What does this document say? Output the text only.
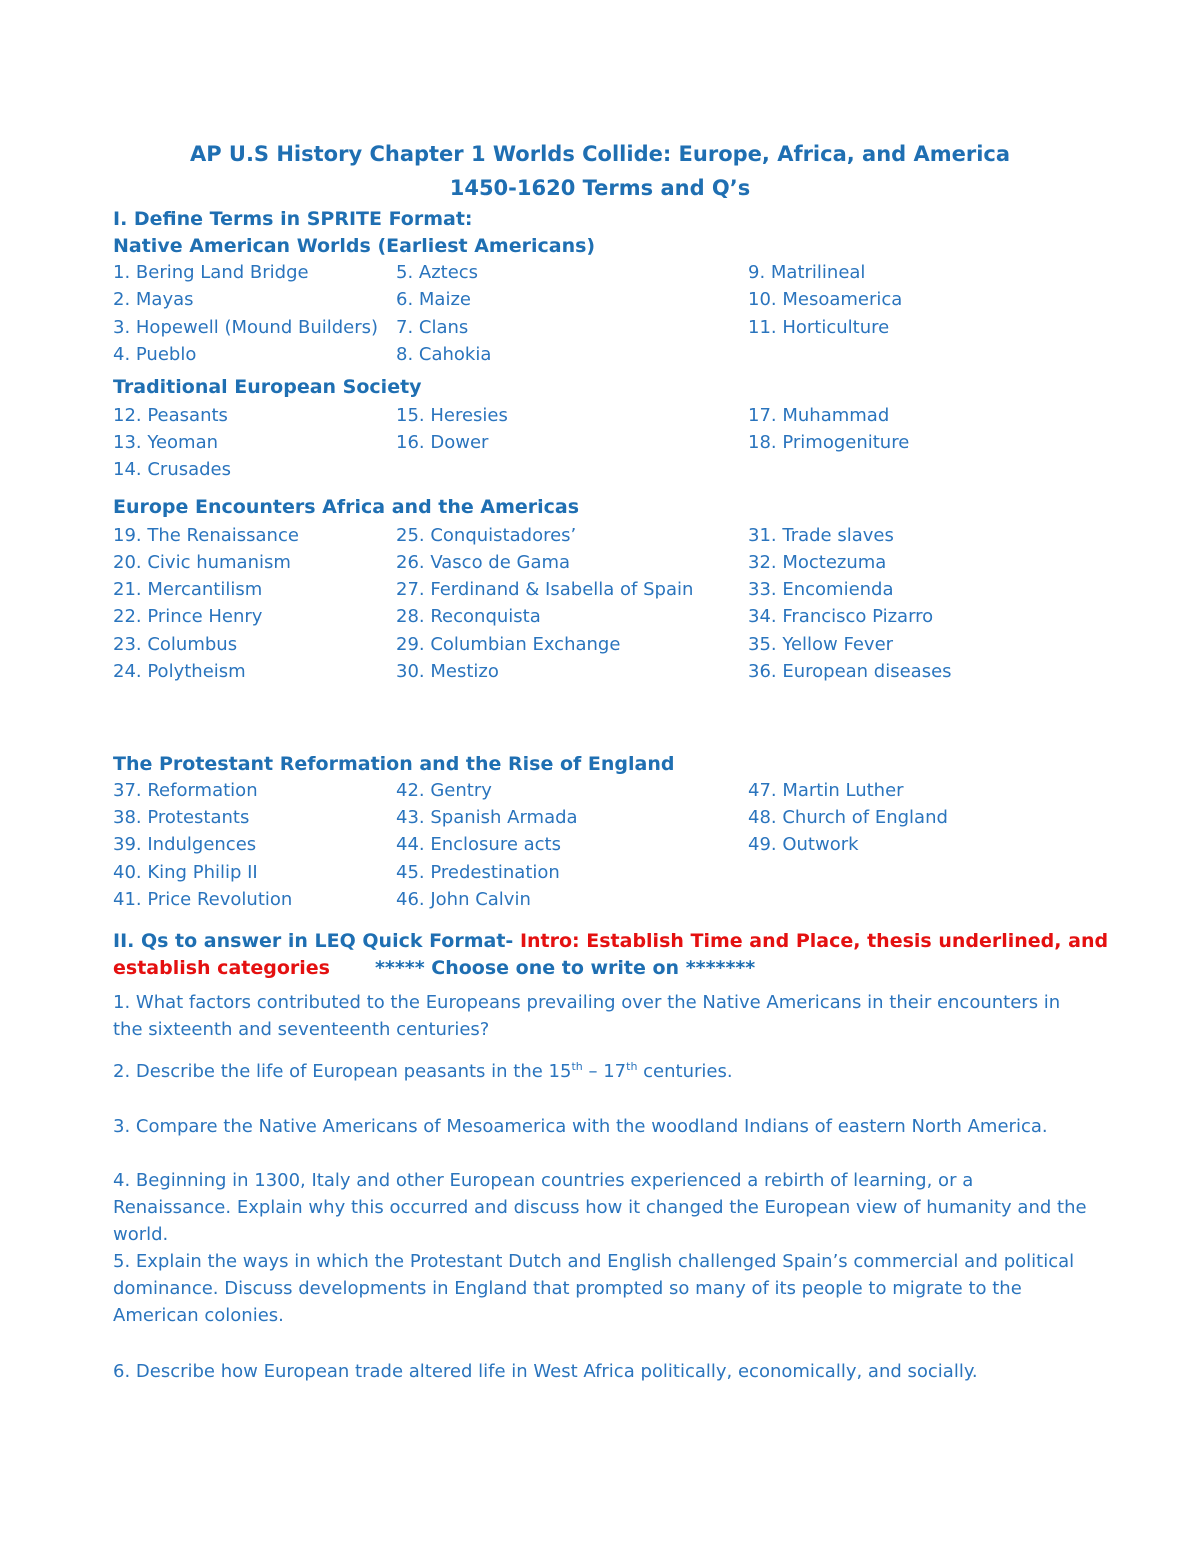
AP U.S History Chapter 1 Worlds Collide: Europe, Africa, and America
1450-1620 Terms and Q’s
I. Define Terms in SPRITE Format:
Native American Worlds (Earliest Americans)
1. Bering Land Bridge
2. Mayas
3. Hopewell (Mound Builders)
4. Pueblo
5. Aztecs
6. Maize
7. Clans
8. Cahokia
9. Matrilineal
10. Mesoamerica
11. Horticulture
Traditional European Society
12. Peasants
13. Yeoman
14. Crusades
15. Heresies
16. Dower
17. Muhammad
18. Primogeniture
Europe Encounters Africa and the Americas
19. The Renaissance
20. Civic humanism
21. Mercantilism
22. Prince Henry
23. Columbus
24. Polytheism
25. Conquistadores’
26. Vasco de Gama
27. Ferdinand & Isabella of Spain
28. Reconquista
29. Columbian Exchange
30. Mestizo
31. Trade slaves
32. Moctezuma
33. Encomienda
34. Francisco Pizarro
35. Yellow Fever
36. European diseases
The Protestant Reformation and the Rise of England
37. Reformation
38. Protestants
39. Indulgences
40. King Philip II
41. Price Revolution
42. Gentry
43. Spanish Armada
44. Enclosure acts
45. Predestination
46. John Calvin
47. Martin Luther
48. Church of England
49. Outwork
II. Qs to answer in LEQ Quick Format- Intro: Establish Time and Place, thesis underlined, and
establish categories ***** Choose one to write on *******
1. What factors contributed to the Europeans prevailing over the Native Americans in their encounters in the sixteenth and seventeenth centuries?
2. Describe the life of European peasants in the 15th – 17th centuries.
3. Compare the Native Americans of Mesoamerica with the woodland Indians of eastern North America.
4. Beginning in 1300, Italy and other European countries experienced a rebirth of learning, or a Renaissance. Explain why this occurred and discuss how it changed the European view of humanity and the world.
5. Explain the ways in which the Protestant Dutch and English challenged Spain’s commercial and political dominance. Discuss developments in England that prompted so many of its people to migrate to the American colonies.
6. Describe how European trade altered life in West Africa politically, economically, and socially.
